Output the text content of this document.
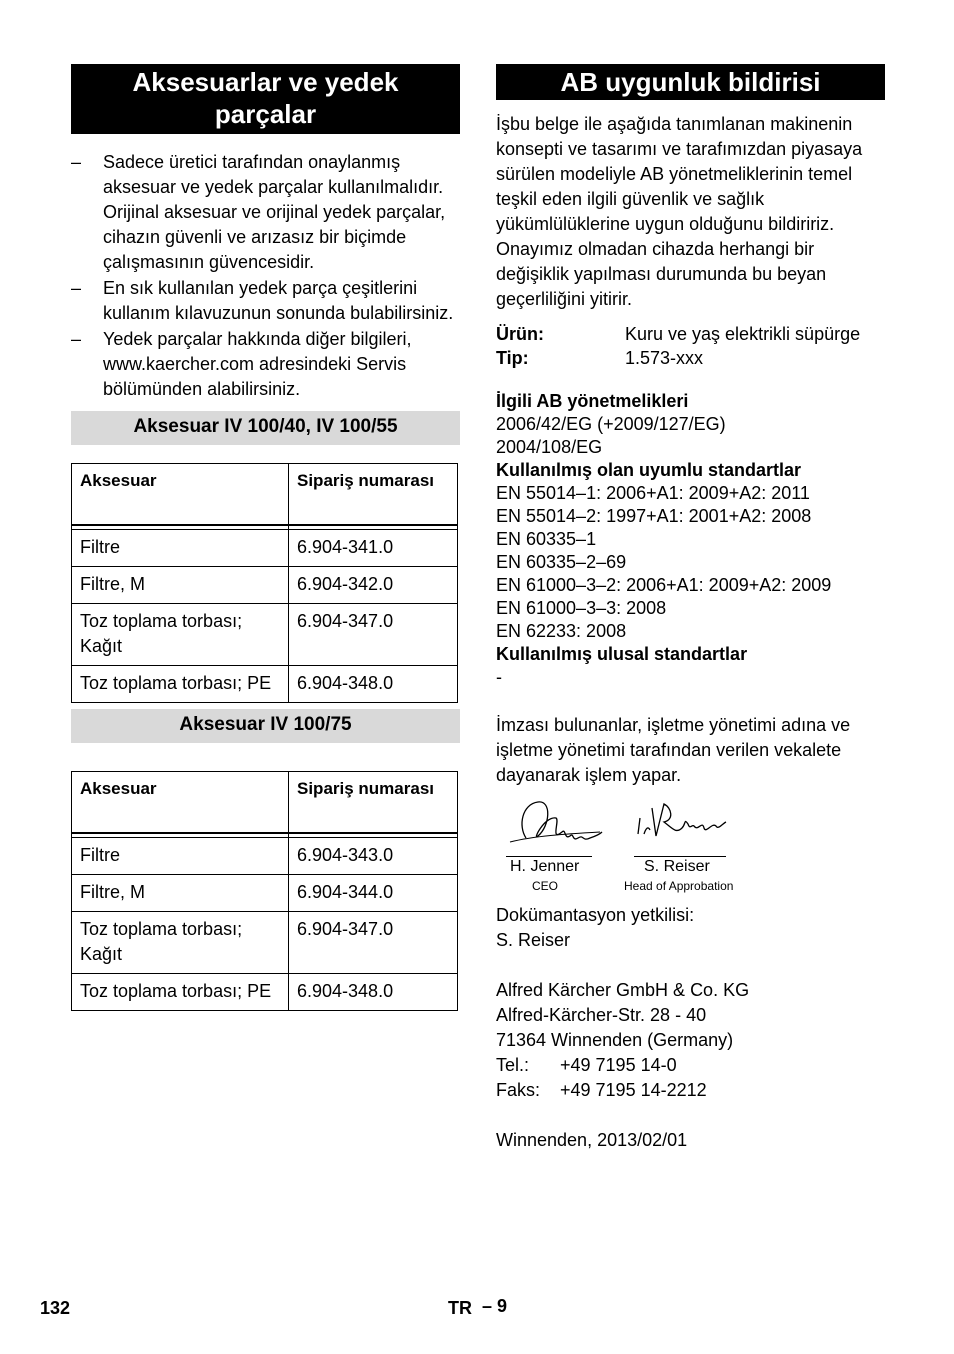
Aksesuarlar ve yedek parçalar
–	Sadece üretici tarafından onaylanmış aksesuar ve yedek parçalar kullanılmalıdır. Orijinal aksesuar ve orijinal yedek parçalar, cihazın güvenli ve arızasız bir biçimde çalışmasının güvencesidir.
–	En sık kullanılan yedek parça çeşitlerini kullanım kılavuzunun sonunda bulabilirsiniz.
–	Yedek parçalar hakkında diğer bilgileri, www.kaercher.com adresindeki Servis bölümünden alabilirsiniz.
Aksesuar IV 100/40, IV 100/55
Aksesuar	Sipariş numarası

Filtre	6.904-341.0
Filtre, M	6.904-342.0
Toz toplama torbası; Kağıt	6.904-347.0
Toz toplama torbası; PE	6.904-348.0
Aksesuar IV 100/75
Aksesuar	Sipariş numarası

Filtre	6.904-343.0
Filtre, M	6.904-344.0
Toz toplama torbası; Kağıt	6.904-347.0
Toz toplama torbası; PE	6.904-348.0
AB uygunluk bildirisi

İşbu belge ile aşağıda tanımlanan makinenin konsepti ve tasarımı ve tarafımızdan piyasaya sürülen modeliyle AB yönetmeliklerinin temel teşkil eden ilgili güvenlik ve sağlık yükümlülüklerine uygun olduğunu bildiririz. Onayımız olmadan cihazda herhangi bir değişiklik yapılması durumunda bu beyan geçerliliğini yitirir.

Ürün:	Kuru ve yaş elektrikli süpürge
Tip:	1.573-xxx
İlgili AB yönetmelikleri
2006/42/EG (+2009/127/EG)
2004/108/EG
Kullanılmış olan uyumlu standartlar
EN 55014–1: 2006+A1: 2009+A2: 2011
EN 55014–2: 1997+A1: 2001+A2: 2008
EN 60335–1
EN 60335–2–69
EN 61000–3–2: 2006+A1: 2009+A2: 2009
EN 61000–3–3: 2008
EN 62233: 2008
Kullanılmış ulusal standartlar
-

İmzası bulunanlar, işletme yönetimi adına ve işletme yönetimi tarafından verilen vekalete dayanarak işlem yapar.

i.V. Reiser
H. Jenner
CEO
S. Reiser
Head of Approbation
Dokümantasyon yetkilisi:
S. Reiser
Alfred Kärcher GmbH & Co. KG
Alfred-Kärcher-Str. 28 - 40
71364 Winnenden (Germany)
Tel.: +49 7195 14-0
Faks: +49 7195 14-2212
Winnenden, 2013/02/01
132	TR – 9
